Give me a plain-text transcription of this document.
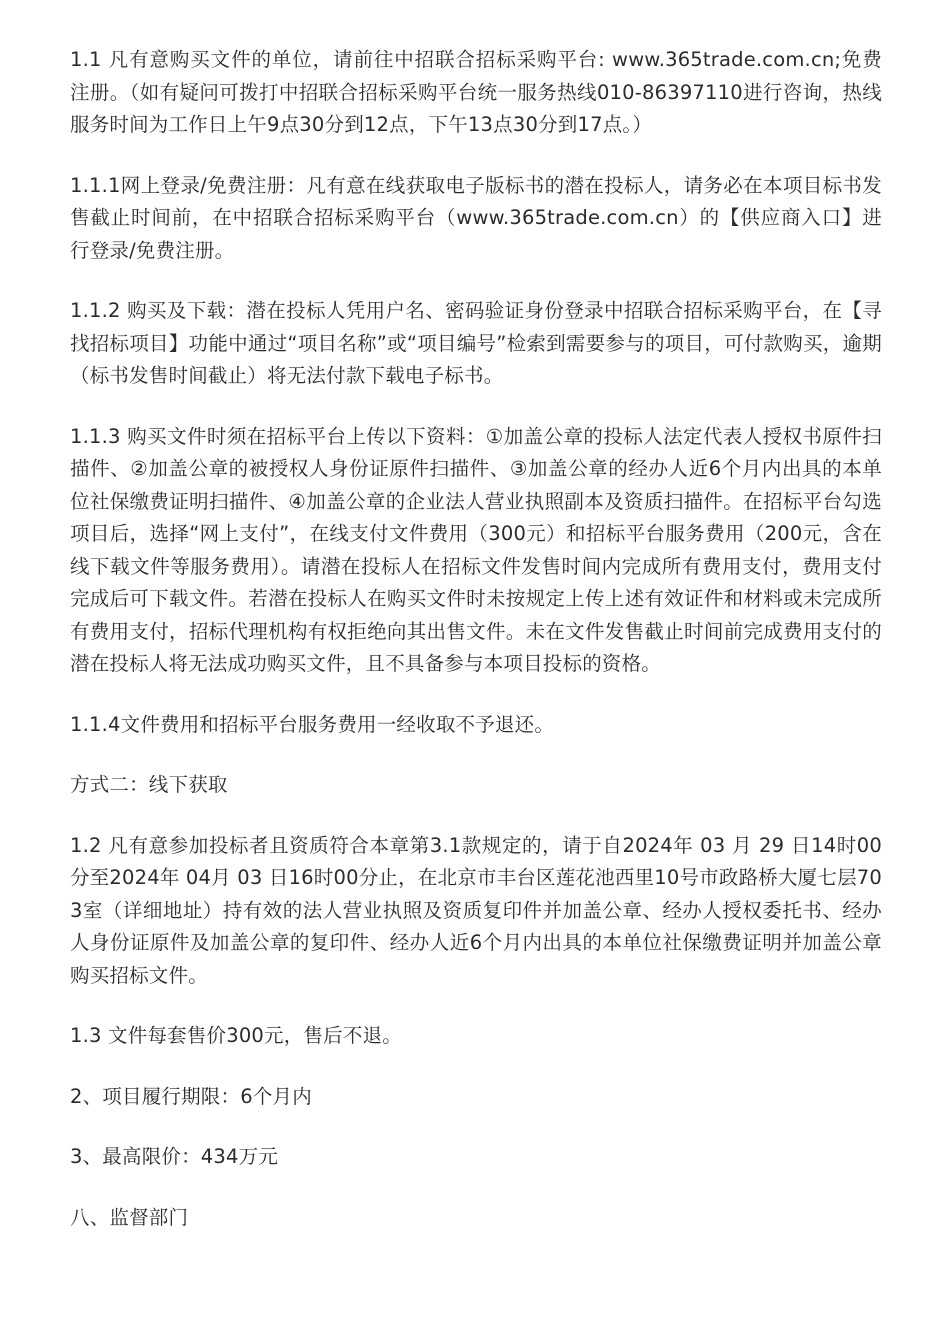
1.1 凡有意购买文件的单位，请前往中招联合招标采购平台: www.365trade.com.cn;免费注册。（如有疑问可拨打中招联合招标采购平台统一服务热线010-86397110进行咨询，热线服务时间为工作日上午9点30分到12点，下午13点30分到17点。）

1.1.1网上登录/免费注册：凡有意在线获取电子版标书的潜在投标人，请务必在本项目标书发售截止时间前，在中招联合招标采购平台（www.365trade.com.cn）的【供应商入口】进行登录/免费注册。

1.1.2 购买及下载：潜在投标人凭用户名、密码验证身份登录中招联合招标采购平台，在【寻找招标项目】功能中通过“项目名称”或“项目编号”检索到需要参与的项目，可付款购买，逾期（标书发售时间截止）将无法付款下载电子标书。

1.1.3 购买文件时须在招标平台上传以下资料：①加盖公章的投标人法定代表人授权书原件扫描件、②加盖公章的被授权人身份证原件扫描件、③加盖公章的经办人近6个月内出具的本单位社保缴费证明扫描件、④加盖公章的企业法人营业执照副本及资质扫描件。在招标平台勾选项目后，选择“网上支付”，在线支付文件费用（300元）和招标平台服务费用（200元，含在线下载文件等服务费用）。请潜在投标人在招标文件发售时间内完成所有费用支付，费用支付完成后可下载文件。若潜在投标人在购买文件时未按规定上传上述有效证件和材料或未完成所有费用支付，招标代理机构有权拒绝向其出售文件。未在文件发售截止时间前完成费用支付的潜在投标人将无法成功购买文件，且不具备参与本项目投标的资格。

1.1.4文件费用和招标平台服务费用一经收取不予退还。

方式二：线下获取

1.2 凡有意参加投标者且资质符合本章第3.1款规定的，请于自2024年 03 月 29 日14时00分至2024年 04月 03 日16时00分止，在北京市丰台区莲花池西里10号市政路桥大厦七层703室（详细地址）持有效的法人营业执照及资质复印件并加盖公章、经办人授权委托书、经办人身份证原件及加盖公章的复印件、经办人近6个月内出具的本单位社保缴费证明并加盖公章购买招标文件。

1.3 文件每套售价300元，售后不退。

2、项目履行期限：6个月内

3、最高限价：434万元

八、监督部门
